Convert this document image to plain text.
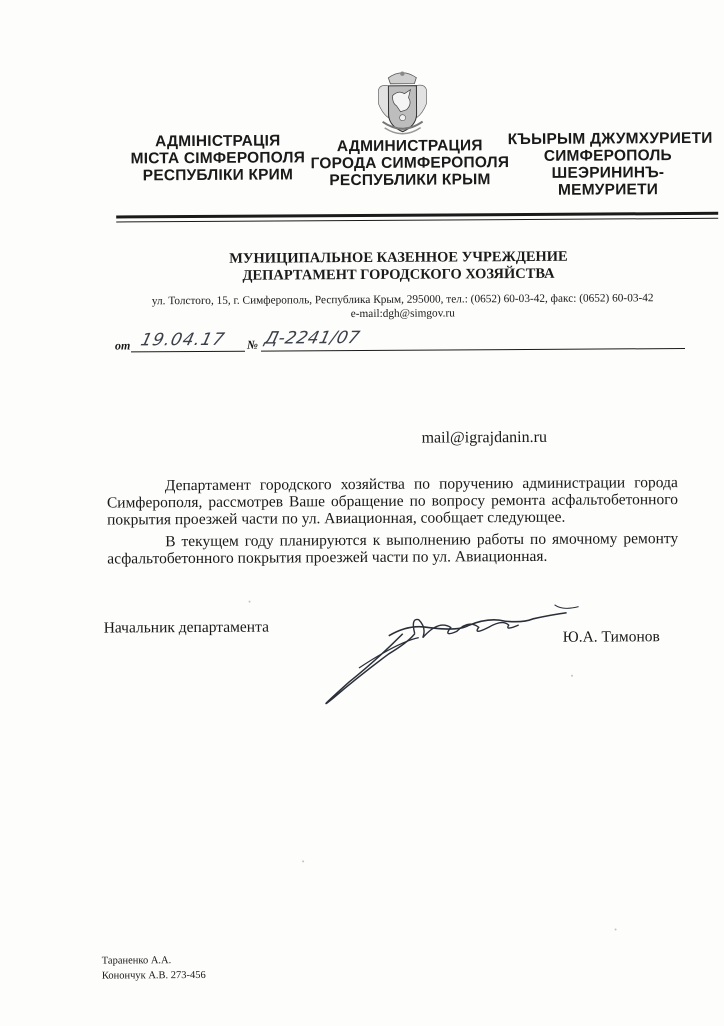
АДМІНІСТРАЦІЯ
МІСТА СІМФЕРОПОЛЯ
РЕСПУБЛІКИ КРИМ
АДМИНИСТРАЦИЯ
ГОРОДА СИМФЕРОПОЛЯ
РЕСПУБЛИКИ КРЫМ
КЪЫРЫМ ДЖУМХУРИЕТИ
СИМФЕРОПОЛЬ
ШЕЭРИНИНЪ-
МЕМУРИЕТИ
МУНИЦИПАЛЬНОЕ КАЗЕННОЕ УЧРЕЖДЕНИЕ
ДЕПАРТАМЕНТ ГОРОДСКОГО ХОЗЯЙСТВА
ул. Толстого, 15, г. Симферополь, Республика Крым, 295000, тел.: (0652) 60-03-42, факс: (0652) 60-03-42
e-mail:dgh@simgov.ru
от 19.04.17 № Д-2241/07
mail@igrajdanin.ru

Департамент городского хозяйства по поручению администрации города Симферополя, рассмотрев Ваше обращение по вопросу ремонта асфальтобетонного покрытия проезжей части по ул. Авиационная, сообщает следующее.

В текущем году планируются к выполнению работы по ямочному ремонту асфальтобетонного покрытия проезжей части по ул. Авиационная.

Начальник департамента
Ю.А. Тимонов
Тараненко А.А.
Конончук А.В. 273-456
